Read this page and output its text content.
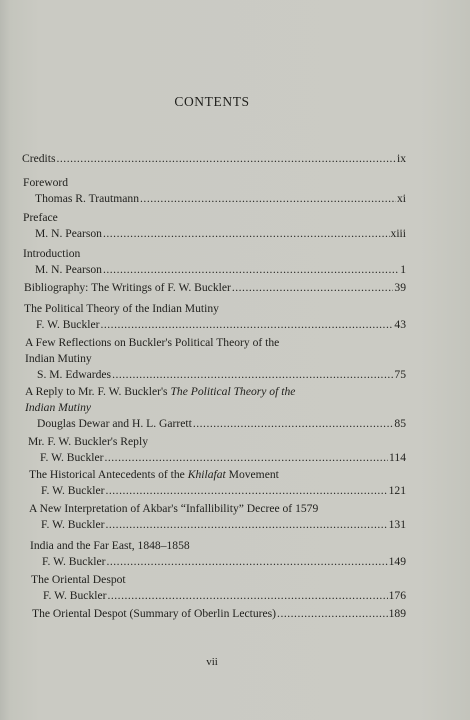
CONTENTS
Credits .....	ix
Foreword
Thomas R. Trautmann .....	xi
Preface
M. N. Pearson .....	xiii
Introduction
M. N. Pearson .....	1
Bibliography: The Writings of F. W. Buckler .....	39
The Political Theory of the Indian Mutiny
F. W. Buckler .....	43
A Few Reflections on Buckler's Political Theory of the
Indian Mutiny
S. M. Edwardes .....	75
A Reply to Mr. F. W. Buckler's The Political Theory of the
Indian Mutiny
Douglas Dewar and H. L. Garrett .....	85
Mr. F. W. Buckler's Reply
F. W. Buckler .....	114
The Historical Antecedents of the Khilafat Movement
F. W. Buckler .....	121
A New Interpretation of Akbar's “Infallibility” Decree of 1579
F. W. Buckler .....	131
India and the Far East, 1848–1858
F. W. Buckler .....	149
The Oriental Despot
F. W. Buckler .....	176
The Oriental Despot (Summary of Oberlin Lectures) .....	189
vii
